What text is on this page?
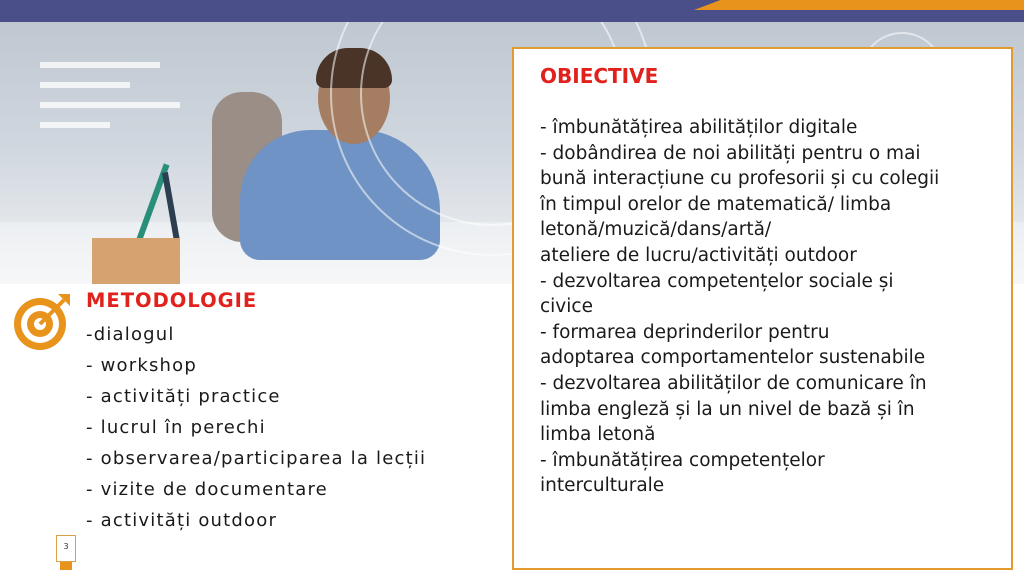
OBIECTIVE
- îmbunătățirea abilităților digitale
- dobândirea de noi abilități pentru o mai
bună interacțiune cu profesorii și cu colegii
în timpul orelor de matematică/ limba
letonă/muzică/dans/artă/
ateliere de lucru/activități outdoor
- dezvoltarea competențelor sociale și
civice
- formarea deprinderilor pentru
adoptarea comportamentelor sustenabile
- dezvoltarea abilităților de comunicare în
limba engleză și la un nivel de bază și în
limba letonă
- îmbunătățirea competențelor
interculturale
METODOLOGIE
-dialogul
- workshop
- activități practice
- lucrul în perechi
- observarea/participarea la lecții
- vizite de documentare
- activități outdoor
3
